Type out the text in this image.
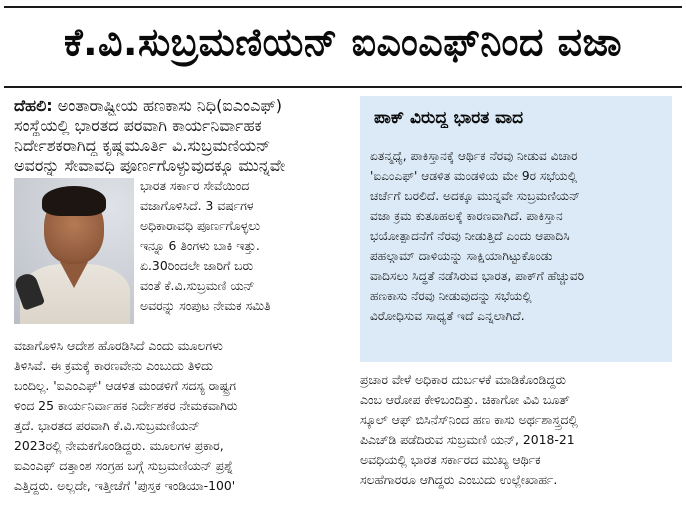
ಕೆ.ವಿ.ಸುಬ್ರಮಣಿಯನ್ ಐಎಂಎಫ್‌ನಿಂದ ವಜಾ
ದೆಹಲಿ: ಅಂತಾರಾಷ್ಟ್ರೀಯ ಹಣಕಾಸು ನಿಧಿ(ಐಎಂಎಫ್)
ಸಂಸ್ಥೆಯಲ್ಲಿ ಭಾರತದ ಪರವಾಗಿ ಕಾರ್ಯನಿರ್ವಾಹಕ
ನಿರ್ದೇಶಕರಾಗಿದ್ದ ಕೃಷ್ಣಮೂರ್ತಿ ವಿ.ಸುಬ್ರಮಣಿಯನ್
ಅವರನ್ನು ಸೇವಾವಧಿ ಪೂರ್ಣಗೊಳ್ಳುವುದಕ್ಕೂ ಮುನ್ನವೇ
ಭಾರತ ಸರ್ಕಾರ ಸೇವೆಯಿಂದ
ವಜಾಗೊಳಿಸಿದೆ. 3 ವರ್ಷಗಳ
ಅಧಿಕಾರಾವಧಿ ಪೂರ್ಣಗೊಳ್ಳಲು
ಇನ್ನೂ 6 ತಿಂಗಳು ಬಾಕಿ ಇತ್ತು.
ಏ.30ರಿಂದಲೇ ಜಾರಿಗೆ ಬರು
ವಂತೆ ಕೆ.ವಿ.ಸುಬ್ರಮಣಿ ಯನ್
ಅವರನ್ನು ಸಂಪುಟ ನೇಮಕ ಸಮಿತಿ
ವಜಾಗೊಳಿಸಿ ಆದೇಶ ಹೊರಡಿಸಿದೆ ಎಂದು ಮೂಲಗಳು
ತಿಳಿಸಿವೆ. ಈ ಕ್ರಮಕ್ಕೆ ಕಾರಣವೇನು ಎಂಬುದು ತಿಳಿದು
ಬಂದಿಲ್ಲ. 'ಐಎಂಎಫ್' ಆಡಳಿತ ಮಂಡಳಿಗೆ ಸದಸ್ಯ ರಾಷ್ಟ್ರಗ
ಳಿಂದ 25 ಕಾರ್ಯನಿರ್ವಾಹಕ ನಿರ್ದೇಶಕರ ನೇಮಕವಾಗಿರು
ತ್ತದೆ. ಭಾರತದ ಪರವಾಗಿ ಕೆ.ವಿ.ಸುಬ್ರಮಣಿಯನ್
2023ರಲ್ಲಿ ನೇಮಕಗೊಂಡಿದ್ದರು. ಮೂಲಗಳ ಪ್ರಕಾರ,
ಐಎಂಎಫ್ ದತ್ತಾಂಶ ಸಂಗ್ರಹ ಬಗ್ಗೆ ಸುಬ್ರಮಣಿಯನ್ ಪ್ರಶ್ನೆ
ಎತ್ತಿದ್ದರು. ಅಲ್ಲದೇ, ಇತ್ತೀಚೆಗೆ 'ಪುಸ್ತಕ ಇಂಡಿಯಾ-100'
ಪಾಕ್ ವಿರುದ್ಧ ಭಾರತ ವಾದ
ಏತನ್ಮಧ್ಯೆ, ಪಾಕಿಸ್ತಾನಕ್ಕೆ ಆರ್ಥಿಕ ನೆರವು ನೀಡುವ ವಿಚಾರ
'ಐಎಂಎಫ್' ಆಡಳಿತ ಮಂಡಳಿಯ ಮೇ 9ರ ಸಭೆಯಲ್ಲಿ
ಚರ್ಚೆಗೆ ಬರಲಿದೆ. ಅದಕ್ಕೂ ಮುನ್ನವೇ ಸುಬ್ರಮಣಿಯನ್
ವಜಾ ಕ್ರಮ ಕುತೂಹಲಕ್ಕೆ ಕಾರಣವಾಗಿದೆ. ಪಾಕಿಸ್ತಾನ
ಭಯೋತ್ಪಾದನೆಗೆ ನೆರವು ನೀಡುತ್ತಿದೆ ಎಂದು ಆಪಾದಿಸಿ
ಪಹಲ್ಗಾಮ್ ದಾಳಿಯನ್ನು ಸಾಕ್ಷಿಯಾಗಿಟ್ಟುಕೊಂಡು
ವಾದಿಸಲು ಸಿದ್ಧತೆ ನಡೆಸಿರುವ ಭಾರತ, ಪಾಕ್‌ಗೆ ಹೆಚ್ಚುವರಿ
ಹಣಕಾಸು ನೆರವು ನೀಡುವುದನ್ನು ಸಭೆಯಲ್ಲಿ
ವಿರೋಧಿಸುವ ಸಾಧ್ಯತೆ ಇದೆ ಎನ್ನಲಾಗಿದೆ.
ಪ್ರಚಾರ ವೇಳೆ ಅಧಿಕಾರ ದುರ್ಬಳಕೆ ಮಾಡಿಕೊಂಡಿದ್ದರು
ಎಂಬ ಆರೋಪ ಕೇಳಿಬಂದಿತ್ತು. ಚಿಕಾಗೋ ವಿವಿ ಬೂತ್
ಸ್ಕೂಲ್ ಆಫ್ ಬಿಸಿನೆಸ್‌ನಿಂದ ಹಣ ಕಾಸು ಅರ್ಥಶಾಸ್ತ್ರದಲ್ಲಿ
ಪಿಎಚ್‌ಡಿ ಪಡೆದಿರುವ ಸುಬ್ರಮಣಿ ಯನ್, 2018-21
ಅವಧಿಯಲ್ಲಿ ಭಾರತ ಸರ್ಕಾರದ ಮುಖ್ಯ ಆರ್ಥಿಕ
ಸಲಹೆಗಾರರೂ ಆಗಿದ್ದರು ಎಂಬುದು ಉಲ್ಲೇಖಾರ್ಹ.
